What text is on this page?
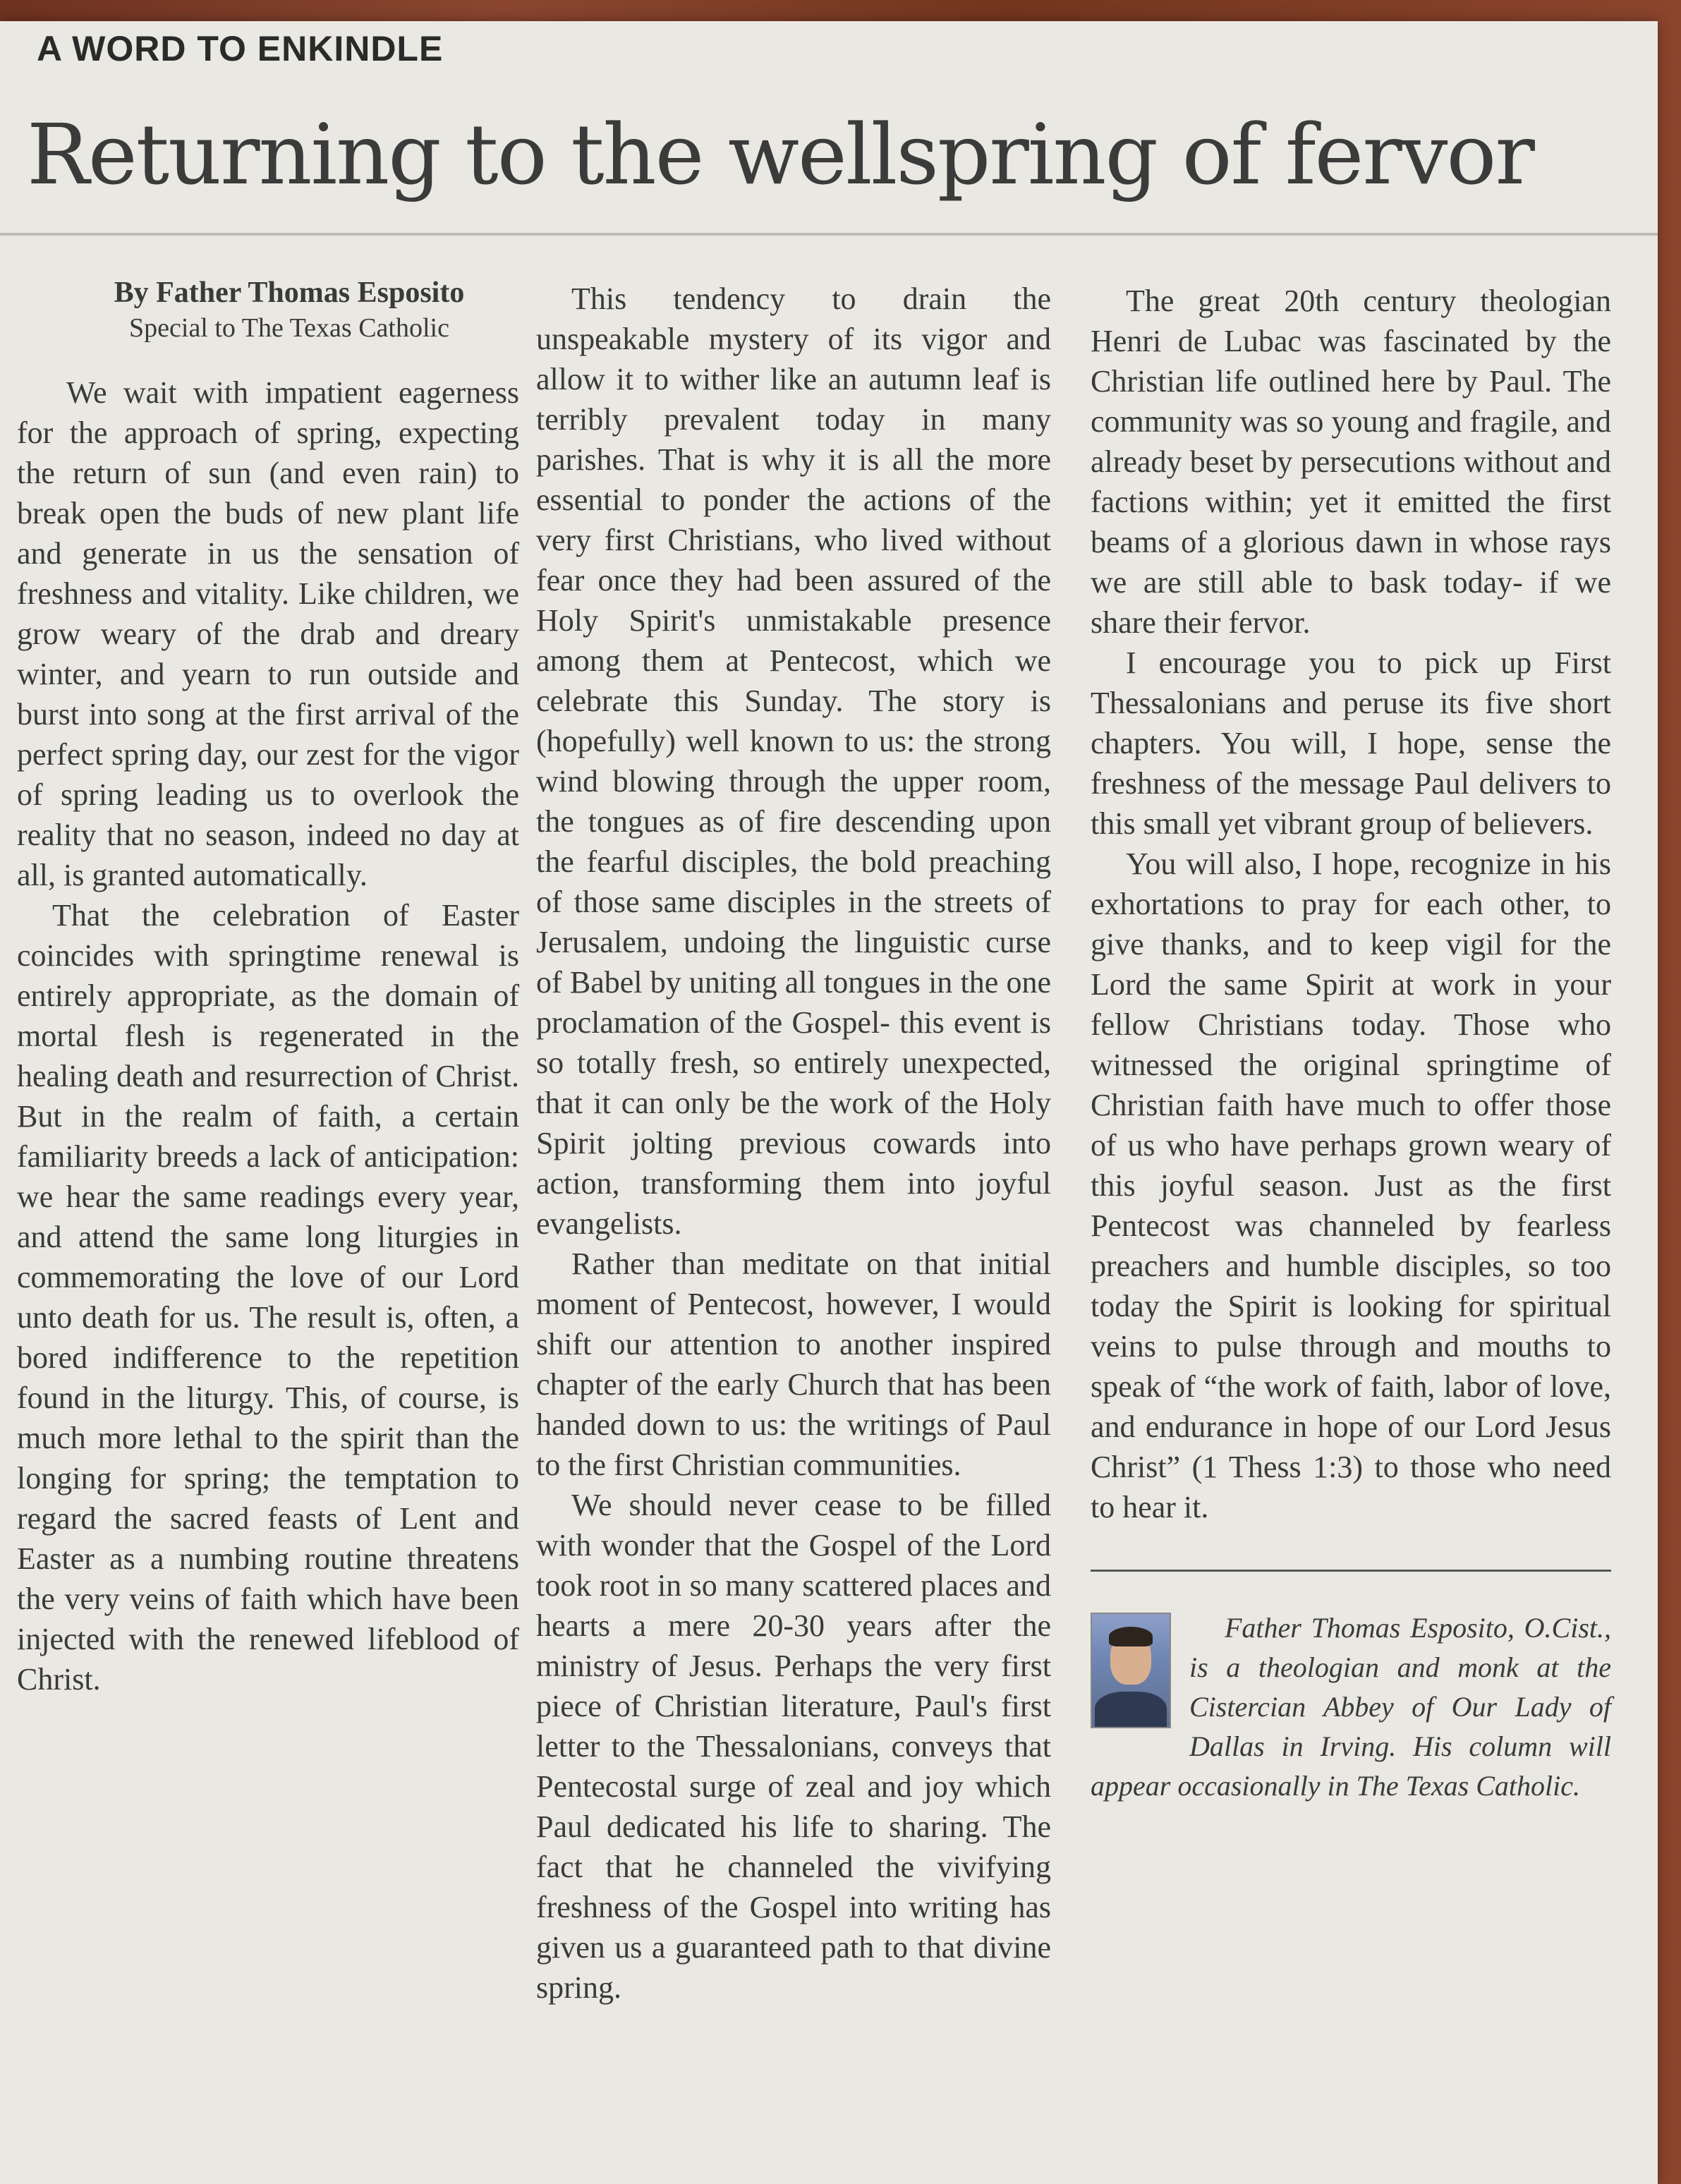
A WORD TO ENKINDLE
Returning to the wellspring of fervor
By Father Thomas Esposito
Special to The Texas Catholic

We wait with impatient eagerness for the approach of spring, expecting the return of sun (and even rain) to break open the buds of new plant life and generate in us the sensation of freshness and vitality. Like children, we grow weary of the drab and dreary winter, and yearn to run outside and burst into song at the first arrival of the perfect spring day, our zest for the vigor of spring leading us to overlook the reality that no season, indeed no day at all, is granted automatically.

That the celebration of Easter coincides with springtime renewal is entirely appropriate, as the domain of mortal flesh is regenerated in the healing death and resurrection of Christ. But in the realm of faith, a certain familiarity breeds a lack of anticipation: we hear the same readings every year, and attend the same long liturgies in commemorating the love of our Lord unto death for us. The result is, often, a bored indifference to the repetition found in the liturgy. This, of course, is much more lethal to the spirit than the longing for spring; the temptation to regard the sacred feasts of Lent and Easter as a numbing routine threatens the very veins of faith which have been injected with the renewed lifeblood of Christ.

This tendency to drain the unspeakable mystery of its vigor and allow it to wither like an autumn leaf is terribly prevalent today in many parishes. That is why it is all the more essential to ponder the actions of the very first Christians, who lived without fear once they had been assured of the Holy Spirit's unmistakable presence among them at Pentecost, which we celebrate this Sunday. The story is (hopefully) well known to us: the strong wind blowing through the upper room, the tongues as of fire descending upon the fearful disciples, the bold preaching of those same disciples in the streets of Jerusalem, undoing the linguistic curse of Babel by uniting all tongues in the one proclamation of the Gospel- this event is so totally fresh, so entirely unexpected, that it can only be the work of the Holy Spirit jolting previous cowards into action, transforming them into joyful evangelists.

Rather than meditate on that initial moment of Pentecost, however, I would shift our attention to another inspired chapter of the early Church that has been handed down to us: the writings of Paul to the first Christian communities.

We should never cease to be filled with wonder that the Gospel of the Lord took root in so many scattered places and hearts a mere 20-30 years after the ministry of Jesus. Perhaps the very first piece of Christian literature, Paul's first letter to the Thessalonians, conveys that Pentecostal surge of zeal and joy which Paul dedicated his life to sharing. The fact that he channeled the vivifying freshness of the Gospel into writing has given us a guaranteed path to that divine spring.

The great 20th century theologian Henri de Lubac was fascinated by the Christian life outlined here by Paul. The community was so young and fragile, and already beset by persecutions without and factions within; yet it emitted the first beams of a glorious dawn in whose rays we are still able to bask today- if we share their fervor.

I encourage you to pick up First Thessalonians and peruse its five short chapters. You will, I hope, sense the freshness of the message Paul delivers to this small yet vibrant group of believers.

You will also, I hope, recognize in his exhortations to pray for each other, to give thanks, and to keep vigil for the Lord the same Spirit at work in your fellow Christians today. Those who witnessed the original springtime of Christian faith have much to offer those of us who have perhaps grown weary of this joyful season. Just as the first Pentecost was channeled by fearless preachers and humble disciples, so too today the Spirit is looking for spiritual veins to pulse through and mouths to speak of “the work of faith, labor of love, and endurance in hope of our Lord Jesus Christ” (1 Thess 1:3) to those who need to hear it.

Father Thomas Esposito, O.Cist., is a theologian and monk at the Cistercian Abbey of Our Lady of Dallas in Irving. His column will appear occasionally in The Texas Catholic.
